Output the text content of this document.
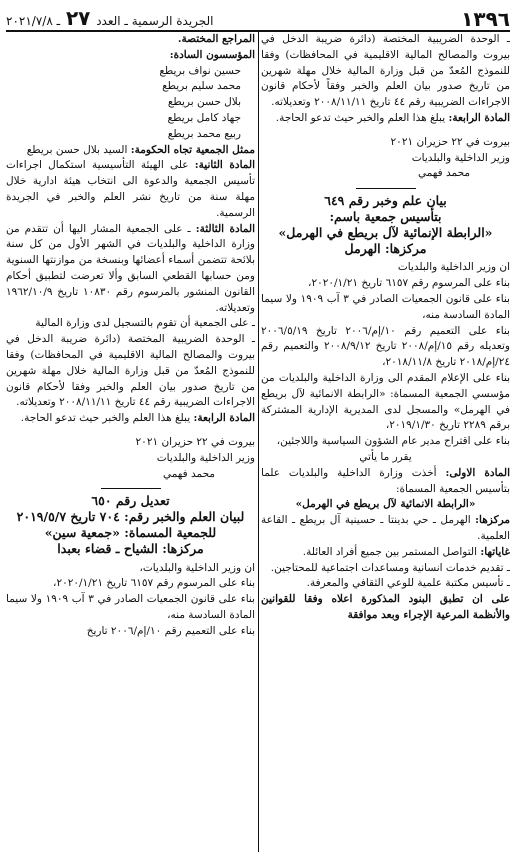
١٣٩٦
الجريدة الرسمية ـ العدد ٢٧ ـ ٢٠٢١/٧/٨

ـ الوحدة الضريبية المختصة (دائرة ضريبة الدخل في بيروت والمصالح المالية الاقليمية في المحافظات) وفقا للنموذج المُعدّ من قبل وزارة المالية خلال مهلة شهرين من تاريخ صدور بيان العلم والخبر وفقاً لأحكام قانون الاجراءات الضريبية رقم ٤٤ تاريخ ٢٠٠٨/١١/١١ وتعديلاته.

المادة الرابعة: يبلغ هذا العلم والخبر حيث تدعو الحاجة.

بيروت في ٢٢ حزيران ٢٠٢١

وزير الداخلية والبلديات

محمد فهمي

بيان علم وخبر رقم ٦٤٩

بتأسيس جمعية باسم:

«الرابطة الإنمائية لآل بريطع في الهرمل»

مركزها: الهرمل

ان وزير الداخلية والبلديات

بناء على المرسوم رقم ٦١٥٧ تاريخ ٢٠٢٠/١/٢١،

بناء على قانون الجمعيات الصادر في ٣ آب ١٩٠٩ ولا سيما المادة السادسة منه،

بناء على التعميم رقم ١٠/إم/٢٠٠٦ تاريخ ٢٠٠٦/٥/١٩ وتعديله رقم ١٥/إم/٢٠٠٨ تاريخ ٢٠٠٨/٩/١٢ والتعميم رقم ٢٤/إم/٢٠١٨ تاريخ ٢٠١٨/١١/٨،

بناء على الإعلام المقدم الى وزارة الداخلية والبلديات من مؤسسي الجمعية المسماة: «الرابطة الانمائية لآل بريطع في الهرمل» والمسجل لدى المديرية الإدارية المشتركة برقم ٢٢٨٩ تاريخ ٢٠١٩/١/٣٠،

بناء على اقتراح مدير عام الشؤون السياسية واللاجئين،

يقرر ما يأتي

المادة الاولى: أخذت وزارة الداخلية والبلديات علما بتأسيس الجمعية المسماة:

«الرابطة الانمائية لآل بريطع في الهرمل»

مركزها: الهرمل ـ حي بدينتا ـ حسينية آل بريطع ـ القاعة العلمية.

غاياتها: التواصل المستمر بين جميع أفراد العائلة.

ـ تقديم خدمات انسانية ومساعدات اجتماعية للمحتاجين.

ـ تأسيس مكتبة علمية للوعي الثقافي والمعرفة.

على ان تطبق البنود المذكورة اعلاه وفقا للقوانين والأنظمة المرعية الإجراء وبعد موافقة

المراجع المختصة.

المؤسسون السادة:

حسين نواف بريطع

محمد سليم بريطع

بلال حسن بريطع

جهاد كامل بريطع

ربيع محمد بريطع

ممثل الجمعية تجاه الحكومة: السيد بلال حسن بريطع

المادة الثانية: على الهيئة التأسيسية استكمال اجراءات تأسيس الجمعية والدعوة الى انتخاب هيئة ادارية خلال مهلة سنة من تاريخ نشر العلم والخبر في الجريدة الرسمية.

المادة الثالثة: ـ على الجمعية المشار اليها أن تتقدم من وزارة الداخلية والبلديات في الشهر الأول من كل سنة بلائحة تتضمن أسماء أعضائها وبنسخة من موازنتها السنوية ومن حسابها القطعي السابق وألا تعرضت لتطبيق أحكام القانون المنشور بالمرسوم رقم ١٠٨٣٠ تاريخ ١٩٦٢/١٠/٩ وتعديلاته.

ـ على الجمعية أن تقوم بالتسجيل لدى وزارة المالية

ـ الوحدة الضريبية المختصة (دائرة ضريبة الدخل في بيروت والمصالح المالية الاقليمية في المحافظات) وفقا للنموذج المُعدّ من قبل وزارة المالية خلال مهلة شهرين من تاريخ صدور بيان العلم والخبر وفقا لأحكام قانون الاجراءات الضريبية رقم ٤٤ تاريخ ٢٠٠٨/١١/١١ وتعديلاته.

المادة الرابعة: يبلغ هذا العلم والخبر حيث تدعو الحاجة.

بيروت في ٢٢ حزيران ٢٠٢١

وزير الداخلية والبلديات

محمد فهمي

تعديل رقم ٦٥٠

لبيان العلم والخبر رقم: ٧٠٤ تاريخ ٢٠١٩/٥/٧

للجمعية المسماة: «جمعية سين»

مركزها: الشياح ـ قضاء بعبدا

ان وزير الداخلية والبلديات،

بناء على المرسوم رقم ٦١٥٧ تاريخ ٢٠٢٠/١/٢١،

بناء على قانون الجمعيات الصادر في ٣ آب ١٩٠٩ ولا سيما المادة السادسة منه،

بناء على التعميم رقم ١٠/إم/٢٠٠٦ تاريخ
